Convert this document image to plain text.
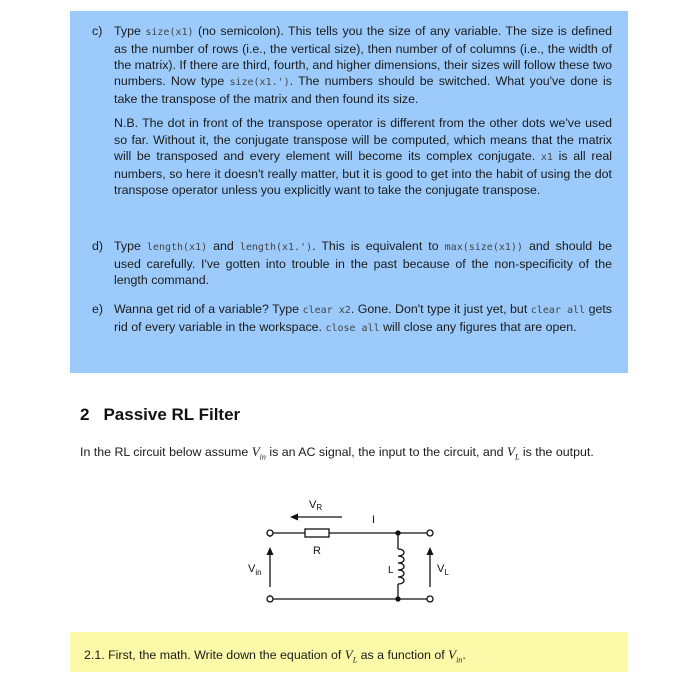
c) Type size(x1) (no semicolon). This tells you the size of any variable. The size is defined as the number of rows (i.e., the vertical size), then number of of columns (i.e., the width of the matrix). If there are third, fourth, and higher dimensions, their sizes will follow these two numbers. Now type size(x1.'). The numbers should be switched. What you've done is take the transpose of the matrix and then found its size.

N.B. The dot in front of the transpose operator is different from the other dots we've used so far. Without it, the conjugate transpose will be computed, which means that the matrix will be transposed and every element will become its complex conjugate. x1 is all real numbers, so here it doesn't really matter, but it is good to get into the habit of using the dot transpose operator unless you explicitly want to take the conjugate transpose.

d) Type length(x1) and length(x1.'). This is equivalent to max(size(x1)) and should be used carefully. I've gotten into trouble in the past because of the non-specificity of the length command.

e) Wanna get rid of a variable? Type clear x2. Gone. Don't type it just yet, but clear all gets rid of every variable in the workspace. close all will close any figures that are open.

2 Passive RL Filter
In the RL circuit below assume $V_{in}$ is an AC signal, the input to the circuit, and $V_L$ is the output.
VR
I
R
L
$V_{in}$	$V_L$
2.1. First, the math. Write down the equation of $V_L$ as a function of $V_{in}$.
